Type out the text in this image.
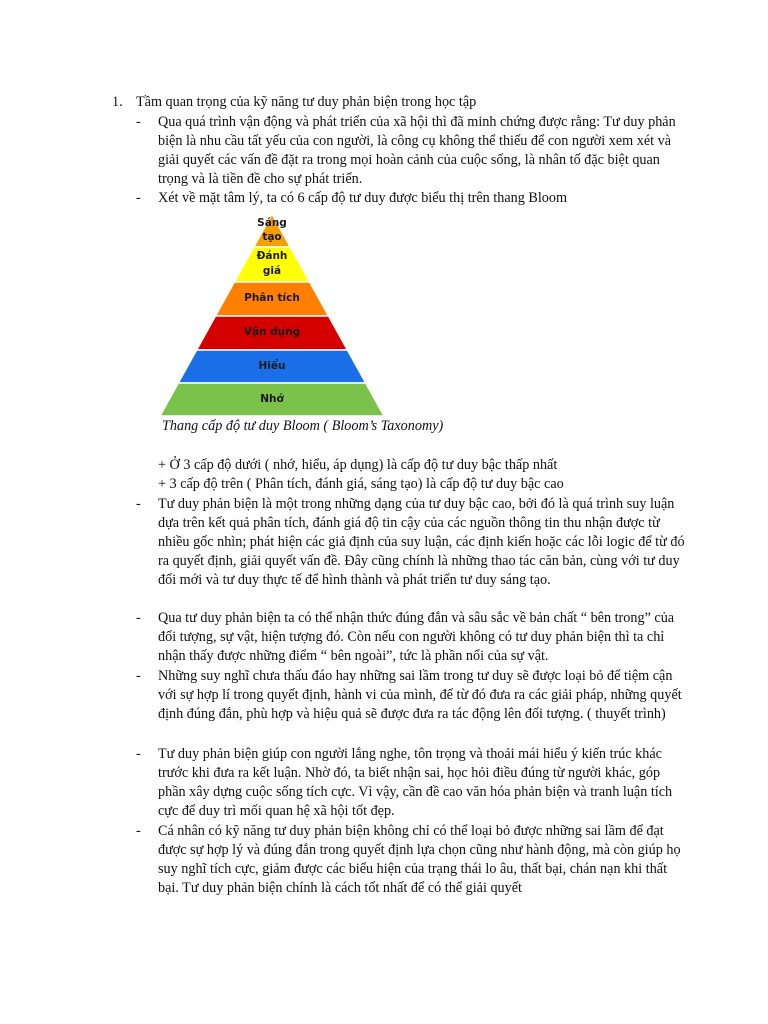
1. Tầm quan trọng của kỹ năng tư duy phản biện trong học tập

-	Qua quá trình vận động và phát triển của xã hội thì đã minh chứng được rằng: Tư duy phản biện là nhu cầu tất yếu của con người, là công cụ không thể thiếu để con người xem xét và giải quyết các vấn đề đặt ra trong mọi hoàn cảnh của cuộc sống, là nhân tố đặc biệt quan trọng và là tiền đề cho sự phát triển.

-	Xét về mặt tâm lý, ta có 6 cấp độ tư duy được biểu thị trên thang Bloom

Sáng
tạo
Đánh
giá
Phân tích
Vận dụng
Hiểu
Nhớ

Thang cấp độ tư duy Bloom ( Bloom’s Taxonomy)

+ Ở 3 cấp độ dưới ( nhớ, hiểu, áp dụng) là cấp độ tư duy bậc thấp nhất

+ 3 cấp độ trên ( Phân tích, đánh giá, sáng tạo) là cấp độ tư duy bậc cao

-	Tư duy phản biện là một trong những dạng của tư duy bậc cao, bởi đó là quá trình suy luận dựa trên kết quả phân tích, đánh giá độ tin cậy của các nguồn thông tin thu nhận được từ nhiều gốc nhìn; phát hiện các giả định của suy luận, các định kiến hoặc các lỗi logic để từ đó ra quyết định, giải quyết vấn đề. Đây cũng chính là những thao tác căn bản, cùng với tư duy đổi mới và tư duy thực tế để hình thành và phát triển tư duy sáng tạo.

-	Qua tư duy phản biện ta có thể nhận thức đúng đắn và sâu sắc về bản chất “ bên trong” của đối tượng, sự vật, hiện tượng đó. Còn nếu con người không có tư duy phản biện thì ta chỉ nhận thấy được những điểm “ bên ngoài”, tức là phần nổi của sự vật.

-	Những suy nghĩ chưa thấu đáo hay những sai lầm trong tư duy sẽ được loại bỏ để tiệm cận với sự hợp lí trong quyết định, hành vi của mình, để từ đó đưa ra các giải pháp, những quyết định đúng đắn, phù hợp và hiệu quả sẽ được đưa ra tác động lên đối tượng. ( thuyết trình)

-	Tư duy phản biện giúp con người lắng nghe, tôn trọng và thoải mái hiểu ý kiến trúc khác trước khi đưa ra kết luận. Nhờ đó, ta biết nhận sai, học hỏi điều đúng từ người khác, góp phần xây dựng cuộc sống tích cực. Vì vậy, cần đề cao văn hóa phản biện và tranh luận tích cực để duy trì mối quan hệ xã hội tốt đẹp.

-	Cá nhân có kỹ năng tư duy phản biện không chỉ có thể loại bỏ được những sai lầm để đạt được sự hợp lý và đúng đắn trong quyết định lựa chọn cũng như hành động, mà còn giúp họ suy nghĩ tích cực, giảm được các biểu hiện của trạng thái lo âu, thất bại, chán nạn khi thất bại. Tư duy phản biện chính là cách tốt nhất để có thể giải quyết
